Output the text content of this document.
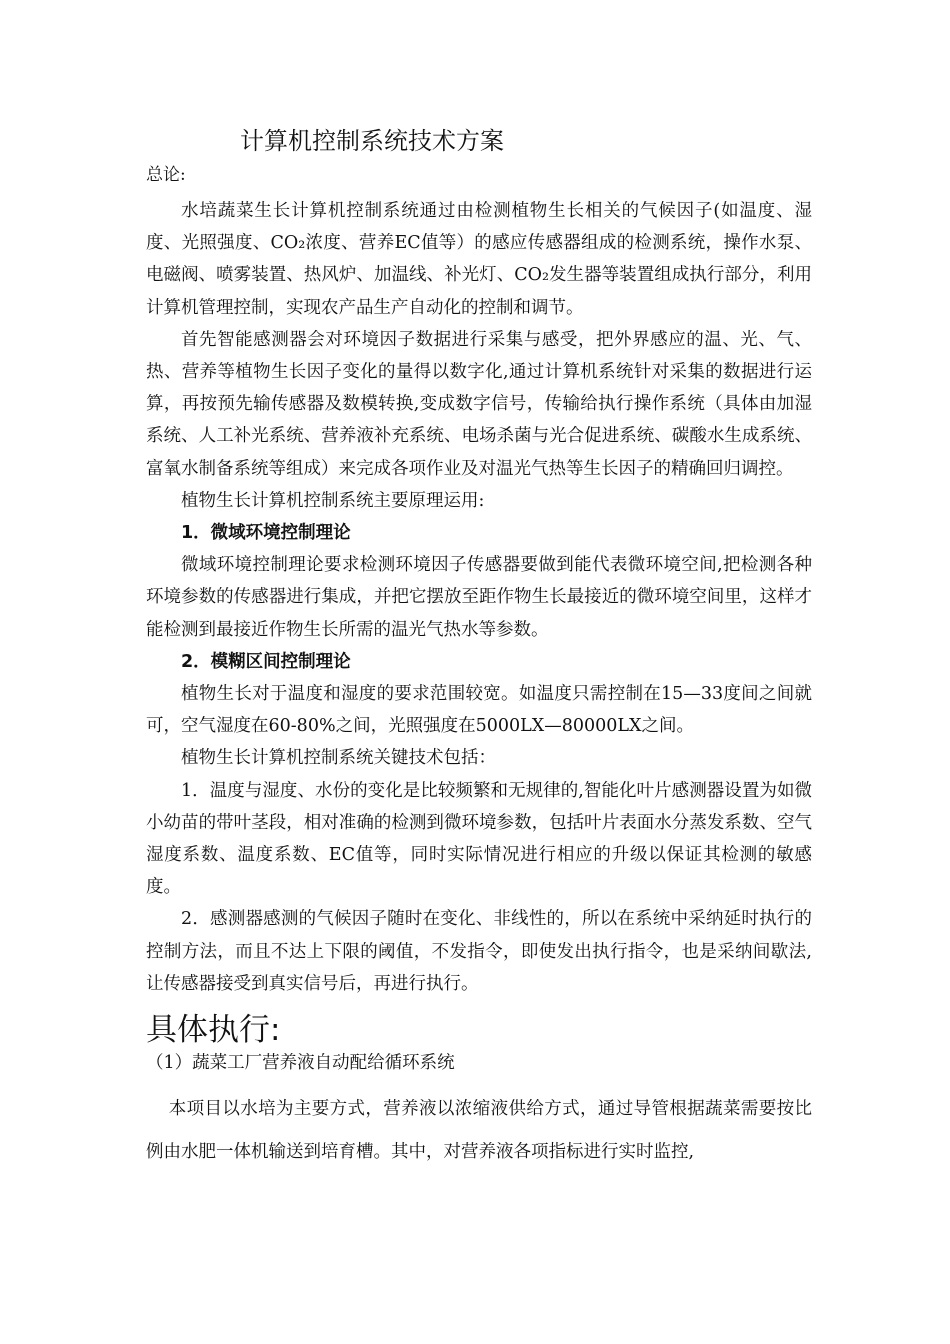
计算机控制系统技术方案
总论:

水培蔬菜生长计算机控制系统通过由检测植物生长相关的气候因子(如温度、湿度、光照强度、CO₂浓度、营养EC值等）的感应传感器组成的检测系统，操作水泵、电磁阀、喷雾装置、热风炉、加温线、补光灯、CO₂发生器等装置组成执行部分，利用计算机管理控制，实现农产品生产自动化的控制和调节。

首先智能感测器会对环境因子数据进行采集与感受，把外界感应的温、光、气、热、营养等植物生长因子变化的量得以数字化,通过计算机系统针对采集的数据进行运算，再按预先输传感器及数模转换,变成数字信号，传输给执行操作系统（具体由加湿系统、人工补光系统、营养液补充系统、电场杀菌与光合促进系统、碳酸水生成系统、富氧水制备系统等组成）来完成各项作业及对温光气热等生长因子的精确回归调控。

植物生长计算机控制系统主要原理运用:

1．微域环境控制理论

微域环境控制理论要求检测环境因子传感器要做到能代表微环境空间,把检测各种环境参数的传感器进行集成，并把它摆放至距作物生长最接近的微环境空间里，这样才能检测到最接近作物生长所需的温光气热水等参数。

2．模糊区间控制理论

植物生长对于温度和湿度的要求范围较宽。如温度只需控制在15—33度间之间就可，空气湿度在60-80%之间，光照强度在5000LX—80000LX之间。

植物生长计算机控制系统关键技术包括：

1．温度与湿度、水份的变化是比较频繁和无规律的,智能化叶片感测器设置为如微小幼苗的带叶茎段，相对准确的检测到微环境参数，包括叶片表面水分蒸发系数、空气湿度系数、温度系数、EC值等，同时实际情况进行相应的升级以保证其检测的敏感度。

2．感测器感测的气候因子随时在变化、非线性的，所以在系统中采纳延时执行的控制方法，而且不达上下限的阈值，不发指令，即使发出执行指令，也是采纳间歇法,让传感器接受到真实信号后，再进行执行。

具体执行:
（1）蔬菜工厂营养液自动配给循环系统

本项目以水培为主要方式，营养液以浓缩液供给方式，通过导管根据蔬菜需要按比例由水肥一体机输送到培育槽。其中，对营养液各项指标进行实时监控,
